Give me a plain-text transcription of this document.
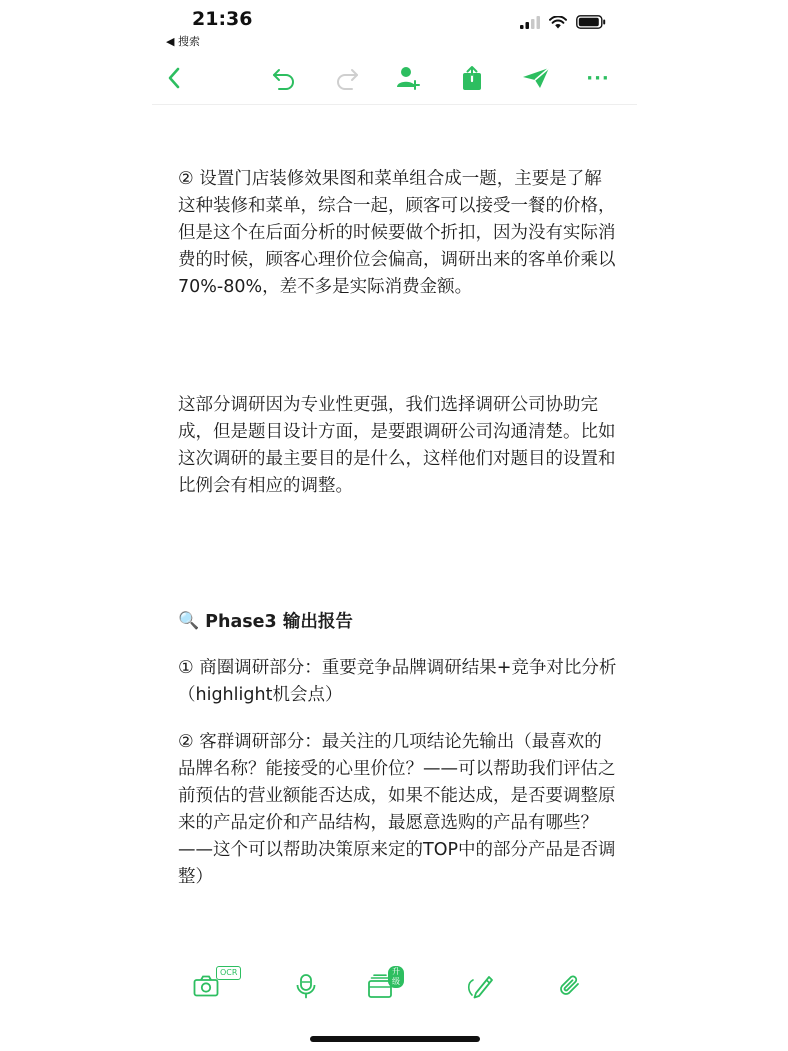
21:36
◀ 搜索
···

② 设置门店装修效果图和菜单组合成一题，主要是了解这种装修和菜单，综合一起，顾客可以接受一餐的价格，但是这个在后面分析的时候要做个折扣，因为没有实际消费的时候，顾客心理价位会偏高，调研出来的客单价乘以70%-80%，差不多是实际消费金额。

这部分调研因为专业性更强，我们选择调研公司协助完成，但是题目设计方面，是要跟调研公司沟通清楚。比如这次调研的最主要目的是什么，这样他们对题目的设置和比例会有相应的调整。

🔍 Phase3 输出报告

① 商圈调研部分：重要竞争品牌调研结果+竞争对比分析（highlight机会点）

② 客群调研部分：最关注的几项结论先输出（最喜欢的品牌名称？能接受的心里价位？——可以帮助我们评估之前预估的营业额能否达成，如果不能达成，是否要调整原来的产品定价和产品结构，最愿意选购的产品有哪些？——这个可以帮助决策原来定的TOP中的部分产品是否调整）

OCR	升级
